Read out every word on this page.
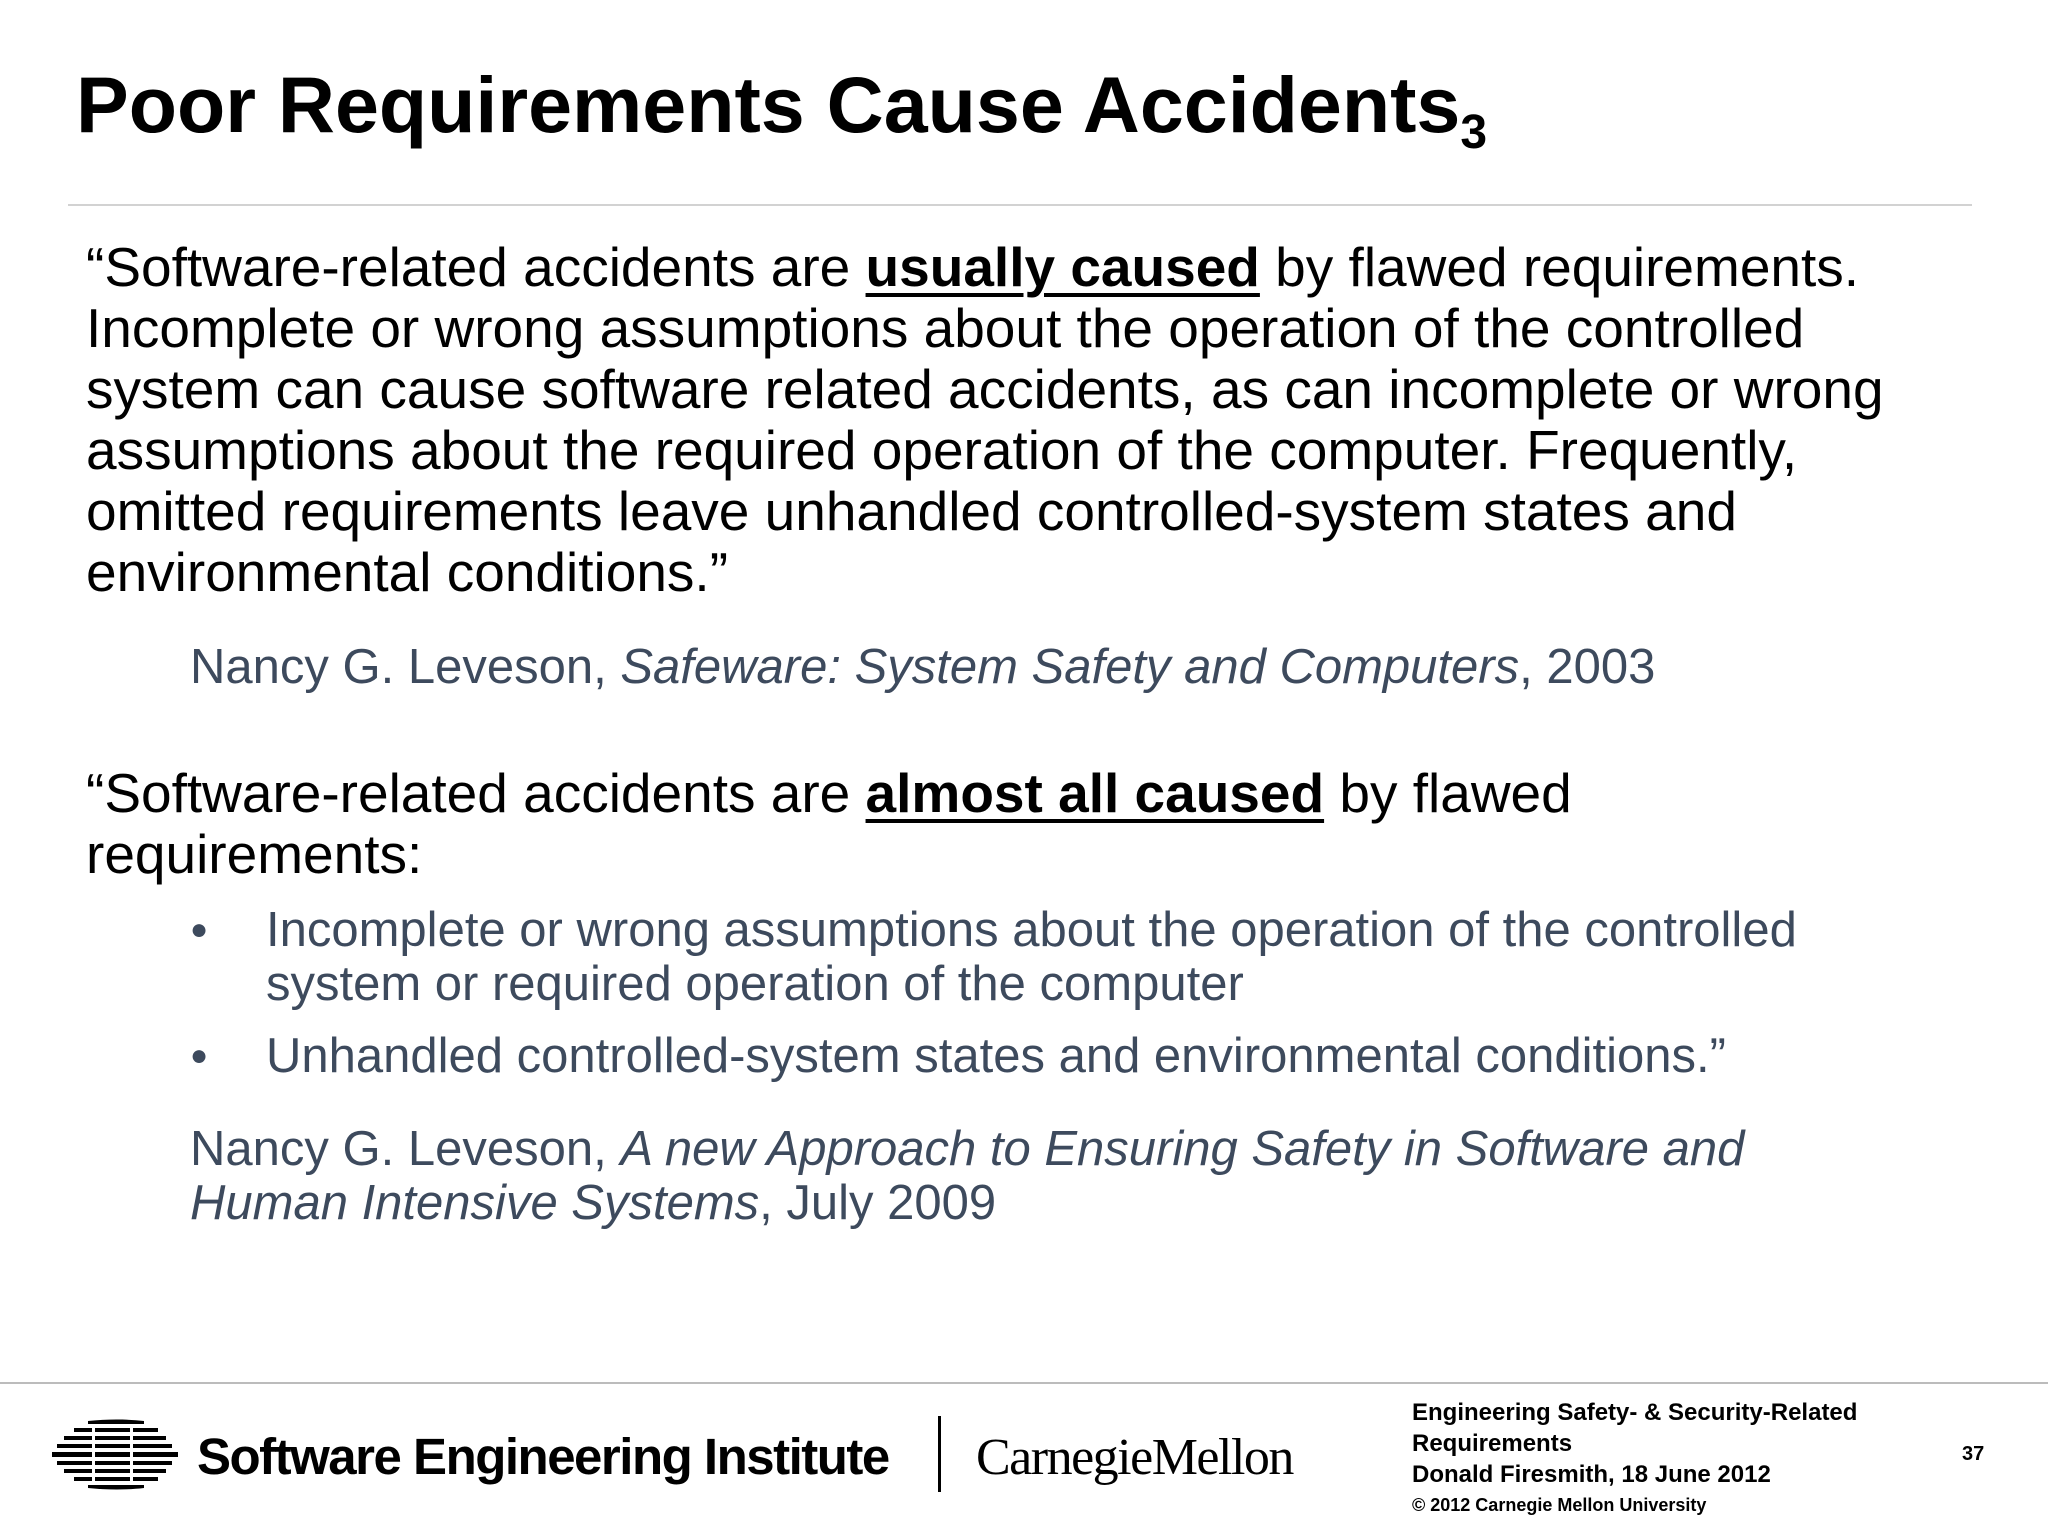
Poor Requirements Cause Accidents$_3$

“Software-related accidents are usually caused by flawed requirements. Incomplete or wrong assumptions about the operation of the controlled system can cause software related accidents, as can incomplete or wrong assumptions about the required operation of the computer. Frequently, omitted requirements leave unhandled controlled-system states and environmental conditions.”

Nancy G. Leveson, Safeware: System Safety and Computers, 2003

“Software-related accidents are almost all caused by flawed requirements:

● Incomplete or wrong assumptions about the operation of the controlled system or required operation of the computer
● Unhandled controlled-system states and environmental conditions.”

Nancy G. Leveson, A new Approach to Ensuring Safety in Software and Human Intensive Systems, July 2009

Software Engineering Institute CarnegieMellon
Engineering Safety- & Security-Related Requirements
Donald Firesmith, 18 June 2012
© 2012 Carnegie Mellon University
37
